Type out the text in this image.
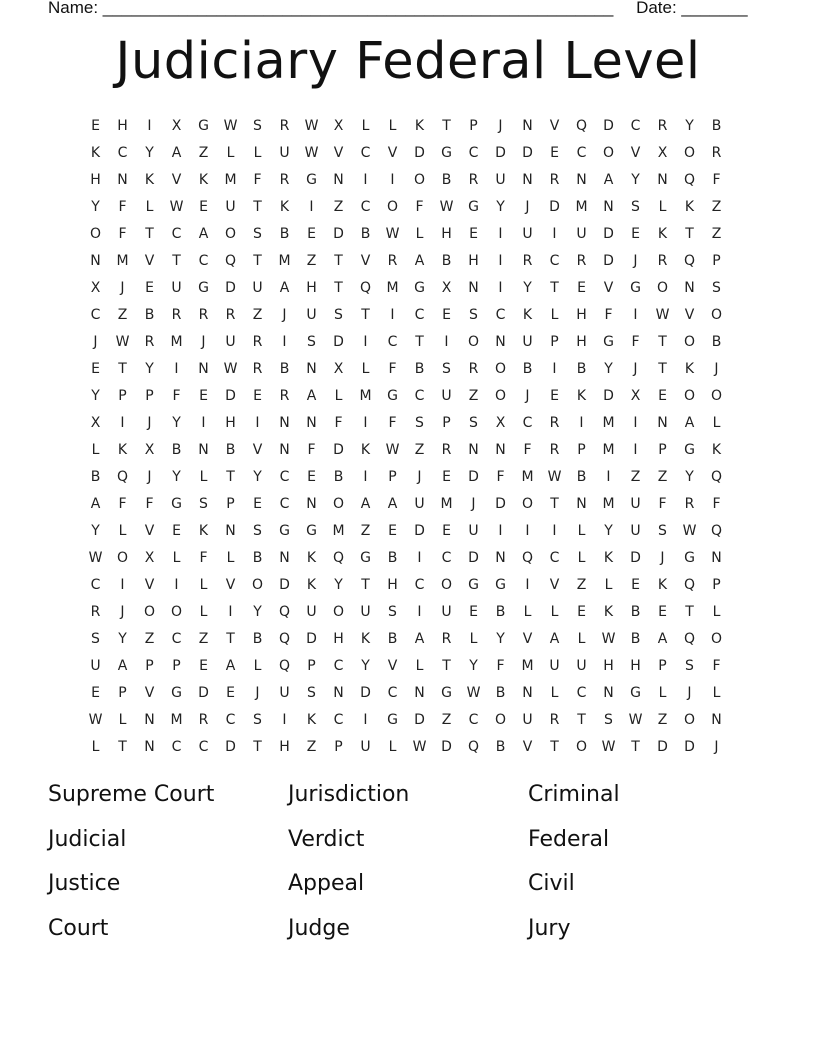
Name: ______________________________________________________ Date: _______
Judiciary Federal Level
E	H	I	X	G	W	S	R	W	X	L	L	K	T	P	J	N	V	Q	D	C	R	Y	B
K	C	Y	A	Z	L	L	U	W	V	C	V	D	G	C	D	D	E	C	O	V	X	O	R
H	N	K	V	K	M	F	R	G	N	I	I	O	B	R	U	N	R	N	A	Y	N	Q	F
Y	F	L	W	E	U	T	K	I	Z	C	O	F	W	G	Y	J	D	M	N	S	L	K	Z
O	F	T	C	A	O	S	B	E	D	B	W	L	H	E	I	U	I	U	D	E	K	T	Z
N	M	V	T	C	Q	T	M	Z	T	V	R	A	B	H	I	R	C	R	D	J	R	Q	P
X	J	E	U	G	D	U	A	H	T	Q	M	G	X	N	I	Y	T	E	V	G	O	N	S
C	Z	B	R	R	R	Z	J	U	S	T	I	C	E	S	C	K	L	H	F	I	W	V	O
J	W	R	M	J	U	R	I	S	D	I	C	T	I	O	N	U	P	H	G	F	T	O	B
E	T	Y	I	N	W	R	B	N	X	L	F	B	S	R	O	B	I	B	Y	J	T	K	J
Y	P	P	F	E	D	E	R	A	L	M	G	C	U	Z	O	J	E	K	D	X	E	O	O
X	I	J	Y	I	H	I	N	N	F	I	F	S	P	S	X	C	R	I	M	I	N	A	L
L	K	X	B	N	B	V	N	F	D	K	W	Z	R	N	N	F	R	P	M	I	P	G	K
B	Q	J	Y	L	T	Y	C	E	B	I	P	J	E	D	F	M	W	B	I	Z	Z	Y	Q
A	F	F	G	S	P	E	C	N	O	A	A	U	M	J	D	O	T	N	M	U	F	R	F
Y	L	V	E	K	N	S	G	G	M	Z	E	D	E	U	I	I	I	L	Y	U	S	W	Q
W	O	X	L	F	L	B	N	K	Q	G	B	I	C	D	N	Q	C	L	K	D	J	G	N
C	I	V	I	L	V	O	D	K	Y	T	H	C	O	G	G	I	V	Z	L	E	K	Q	P
R	J	O	O	L	I	Y	Q	U	O	U	S	I	U	E	B	L	L	E	K	B	E	T	L
S	Y	Z	C	Z	T	B	Q	D	H	K	B	A	R	L	Y	V	A	L	W	B	A	Q	O
U	A	P	P	E	A	L	Q	P	C	Y	V	L	T	Y	F	M	U	U	H	H	P	S	F
E	P	V	G	D	E	J	U	S	N	D	C	N	G	W	B	N	L	C	N	G	L	J	L
W	L	N	M	R	C	S	I	K	C	I	G	D	Z	C	O	U	R	T	S	W	Z	O	N
L	T	N	C	C	D	T	H	Z	P	U	L	W	D	Q	B	V	T	O	W	T	D	D	J
Supreme Court	Jurisdiction	Criminal
Judicial	Verdict	Federal
Justice	Appeal	Civil
Court	Judge	Jury
